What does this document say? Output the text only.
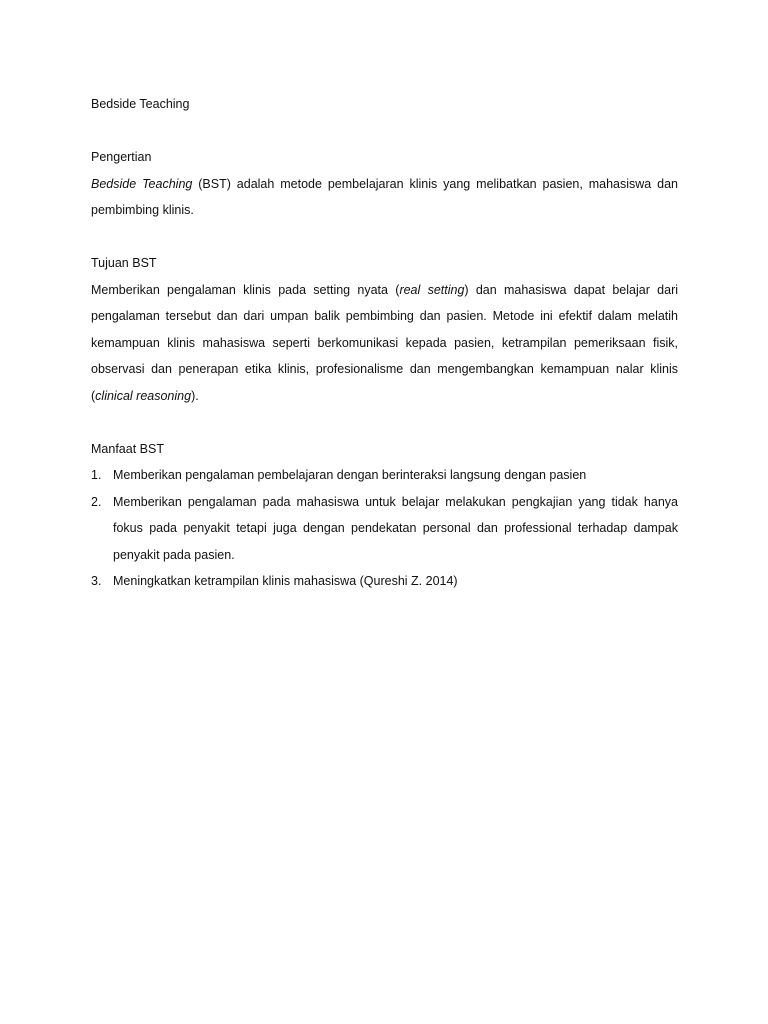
Bedside Teaching
Pengertian

Bedside Teaching (BST) adalah metode pembelajaran klinis yang melibatkan pasien, mahasiswa dan pembimbing klinis.

Tujuan BST

Memberikan pengalaman klinis pada setting nyata (real setting) dan mahasiswa dapat belajar dari pengalaman tersebut dan dari umpan balik pembimbing dan pasien. Metode ini efektif dalam melatih kemampuan klinis mahasiswa seperti berkomunikasi kepada pasien, ketrampilan pemeriksaan fisik, observasi dan penerapan etika klinis, profesionalisme dan mengembangkan kemampuan nalar klinis (clinical reasoning).

Manfaat BST
1. Memberikan pengalaman pembelajaran dengan berinteraksi langsung dengan pasien
2. Memberikan pengalaman pada mahasiswa untuk belajar melakukan pengkajian yang tidak hanya fokus pada penyakit tetapi juga dengan pendekatan personal dan professional terhadap dampak penyakit pada pasien.
3. Meningkatkan ketrampilan klinis mahasiswa (Qureshi Z. 2014)
